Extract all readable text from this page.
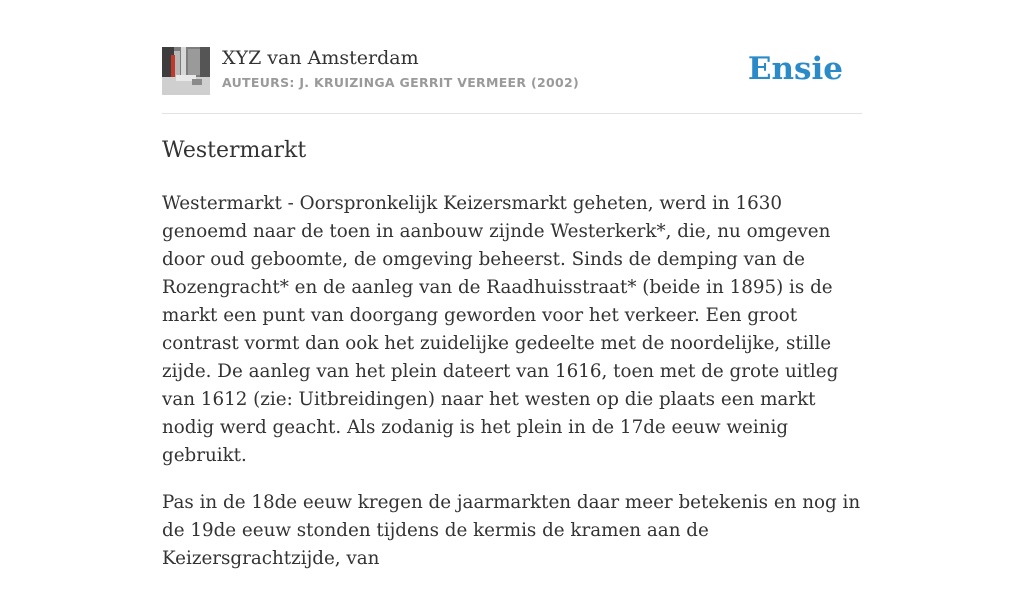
XYZ van Amsterdam
AUTEURS: J. KRUIZINGA GERRIT VERMEER (2002)	Ensie
Westermarkt

Westermarkt - Oorspronkelijk Keizersmarkt geheten, werd in 1630 genoemd naar de toen in aanbouw zijnde Westerkerk*, die, nu omgeven door oud geboomte, de omgeving beheerst. Sinds de demping van de Rozengracht* en de aanleg van de Raadhuisstraat* (beide in 1895) is de markt een punt van doorgang geworden voor het verkeer. Een groot contrast vormt dan ook het zuidelijke gedeelte met de noordelijke, stille zijde. De aanleg van het plein dateert van 1616, toen met de grote uitleg van 1612 (zie: Uitbreidingen) naar het westen op die plaats een markt nodig werd geacht. Als zodanig is het plein in de 17de eeuw weinig gebruikt.

Pas in de 18de eeuw kregen de jaarmarkten daar meer betekenis en nog in de 19de eeuw stonden tijdens de kermis de kramen aan de Keizersgrachtzijde, van
